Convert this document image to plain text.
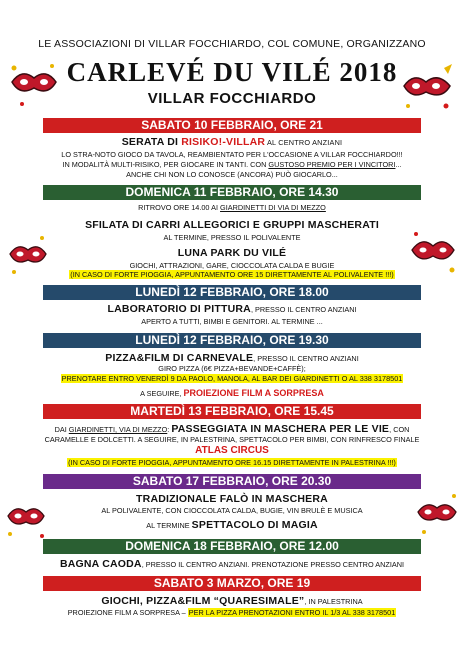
LE ASSOCIAZIONI DI VILLAR FOCCHIARDO, COL COMUNE, ORGANIZZANO
CARLEVÉ DU VILÉ 2018
VILLAR FOCCHIARDO
SABATO 10 FEBBRAIO, ORE 21
SERATA DI RISIKO!-VILLAR AL CENTRO ANZIANI
LO STRA-NOTO GIOCO DA TAVOLA, REAMBIENTATO PER L'OCCASIONE A VILLAR FOCCHIARDO!!!
IN MODALITÀ MULTI-RISIKO, PER GIOCARE IN TANTI. CON GUSTOSO PREMIO PER I VINCITORI...
ANCHE CHI NON LO CONOSCE (ANCORA) PUÒ GIOCARLO...
DOMENICA 11 FEBBRAIO, ORE 14.30
RITROVO ORE 14.00 AI GIARDINETTI DI VIA DI MEZZO
SFILATA DI CARRI ALLEGORICI E GRUPPI MASCHERATI
AL TERMINE, PRESSO IL POLIVALENTE
LUNA PARK DU VILÉ
GIOCHI, ATTRAZIONI, GARE, CIOCCOLATA CALDA E BUGIE
(IN CASO DI FORTE PIOGGIA, APPUNTAMENTO ORE 15 DIRETTAMENTE AL POLIVALENTE !!!)
LUNEDÌ 12 FEBBRAIO, ORE 18.00
LABORATORIO DI PITTURA, PRESSO IL CENTRO ANZIANI
APERTO A TUTTI, BIMBI E GENITORI. AL TERMINE ...
LUNEDÌ 12 FEBBRAIO, ORE 19.30
PIZZA&FILM DI CARNEVALE, PRESSO IL CENTRO ANZIANI
GIRO PIZZA (6€ PIZZA+BEVANDE+CAFFÈ);
PRENOTARE ENTRO VENERDÌ 9 DA PAOLO, MANOLA, AL BAR DEI GIARDINETTI O AL 338 3178501
A SEGUIRE, PROIEZIONE FILM A SORPRESA
MARTEDÌ 13 FEBBRAIO, ORE 15.45
DAI GIARDINETTI, VIA DI MEZZO: PASSEGGIATA IN MASCHERA PER LE VIE, CON
CARAMELLE E DOLCETTI. A SEGUIRE, IN PALESTRINA, SPETTACOLO PER BIMBI, CON RINFRESCO FINALE
ATLAS CIRCUS
(IN CASO DI FORTE PIOGGIA, APPUNTAMENTO ORE 16.15 DIRETTAMENTE IN PALESTRINA !!!)
SABATO 17 FEBBRAIO, ORE 20.30
TRADIZIONALE FALÒ IN MASCHERA
AL POLIVALENTE, CON CIOCCOLATA CALDA, BUGIE, VIN BRULÈ E MUSICA
AL TERMINE SPETTACOLO DI MAGIA
DOMENICA 18 FEBBRAIO, ORE 12.00
BAGNA CAODA, PRESSO IL CENTRO ANZIANI. PRENOTAZIONE PRESSO CENTRO ANZIANI
SABATO 3 MARZO, ORE 19
GIOCHI, PIZZA&FILM “QUARESIMALE”, IN PALESTRINA
PROIEZIONE FILM A SORPRESA – PER LA PIZZA PRENOTAZIONI ENTRO IL 1/3 AL 338 3178501
